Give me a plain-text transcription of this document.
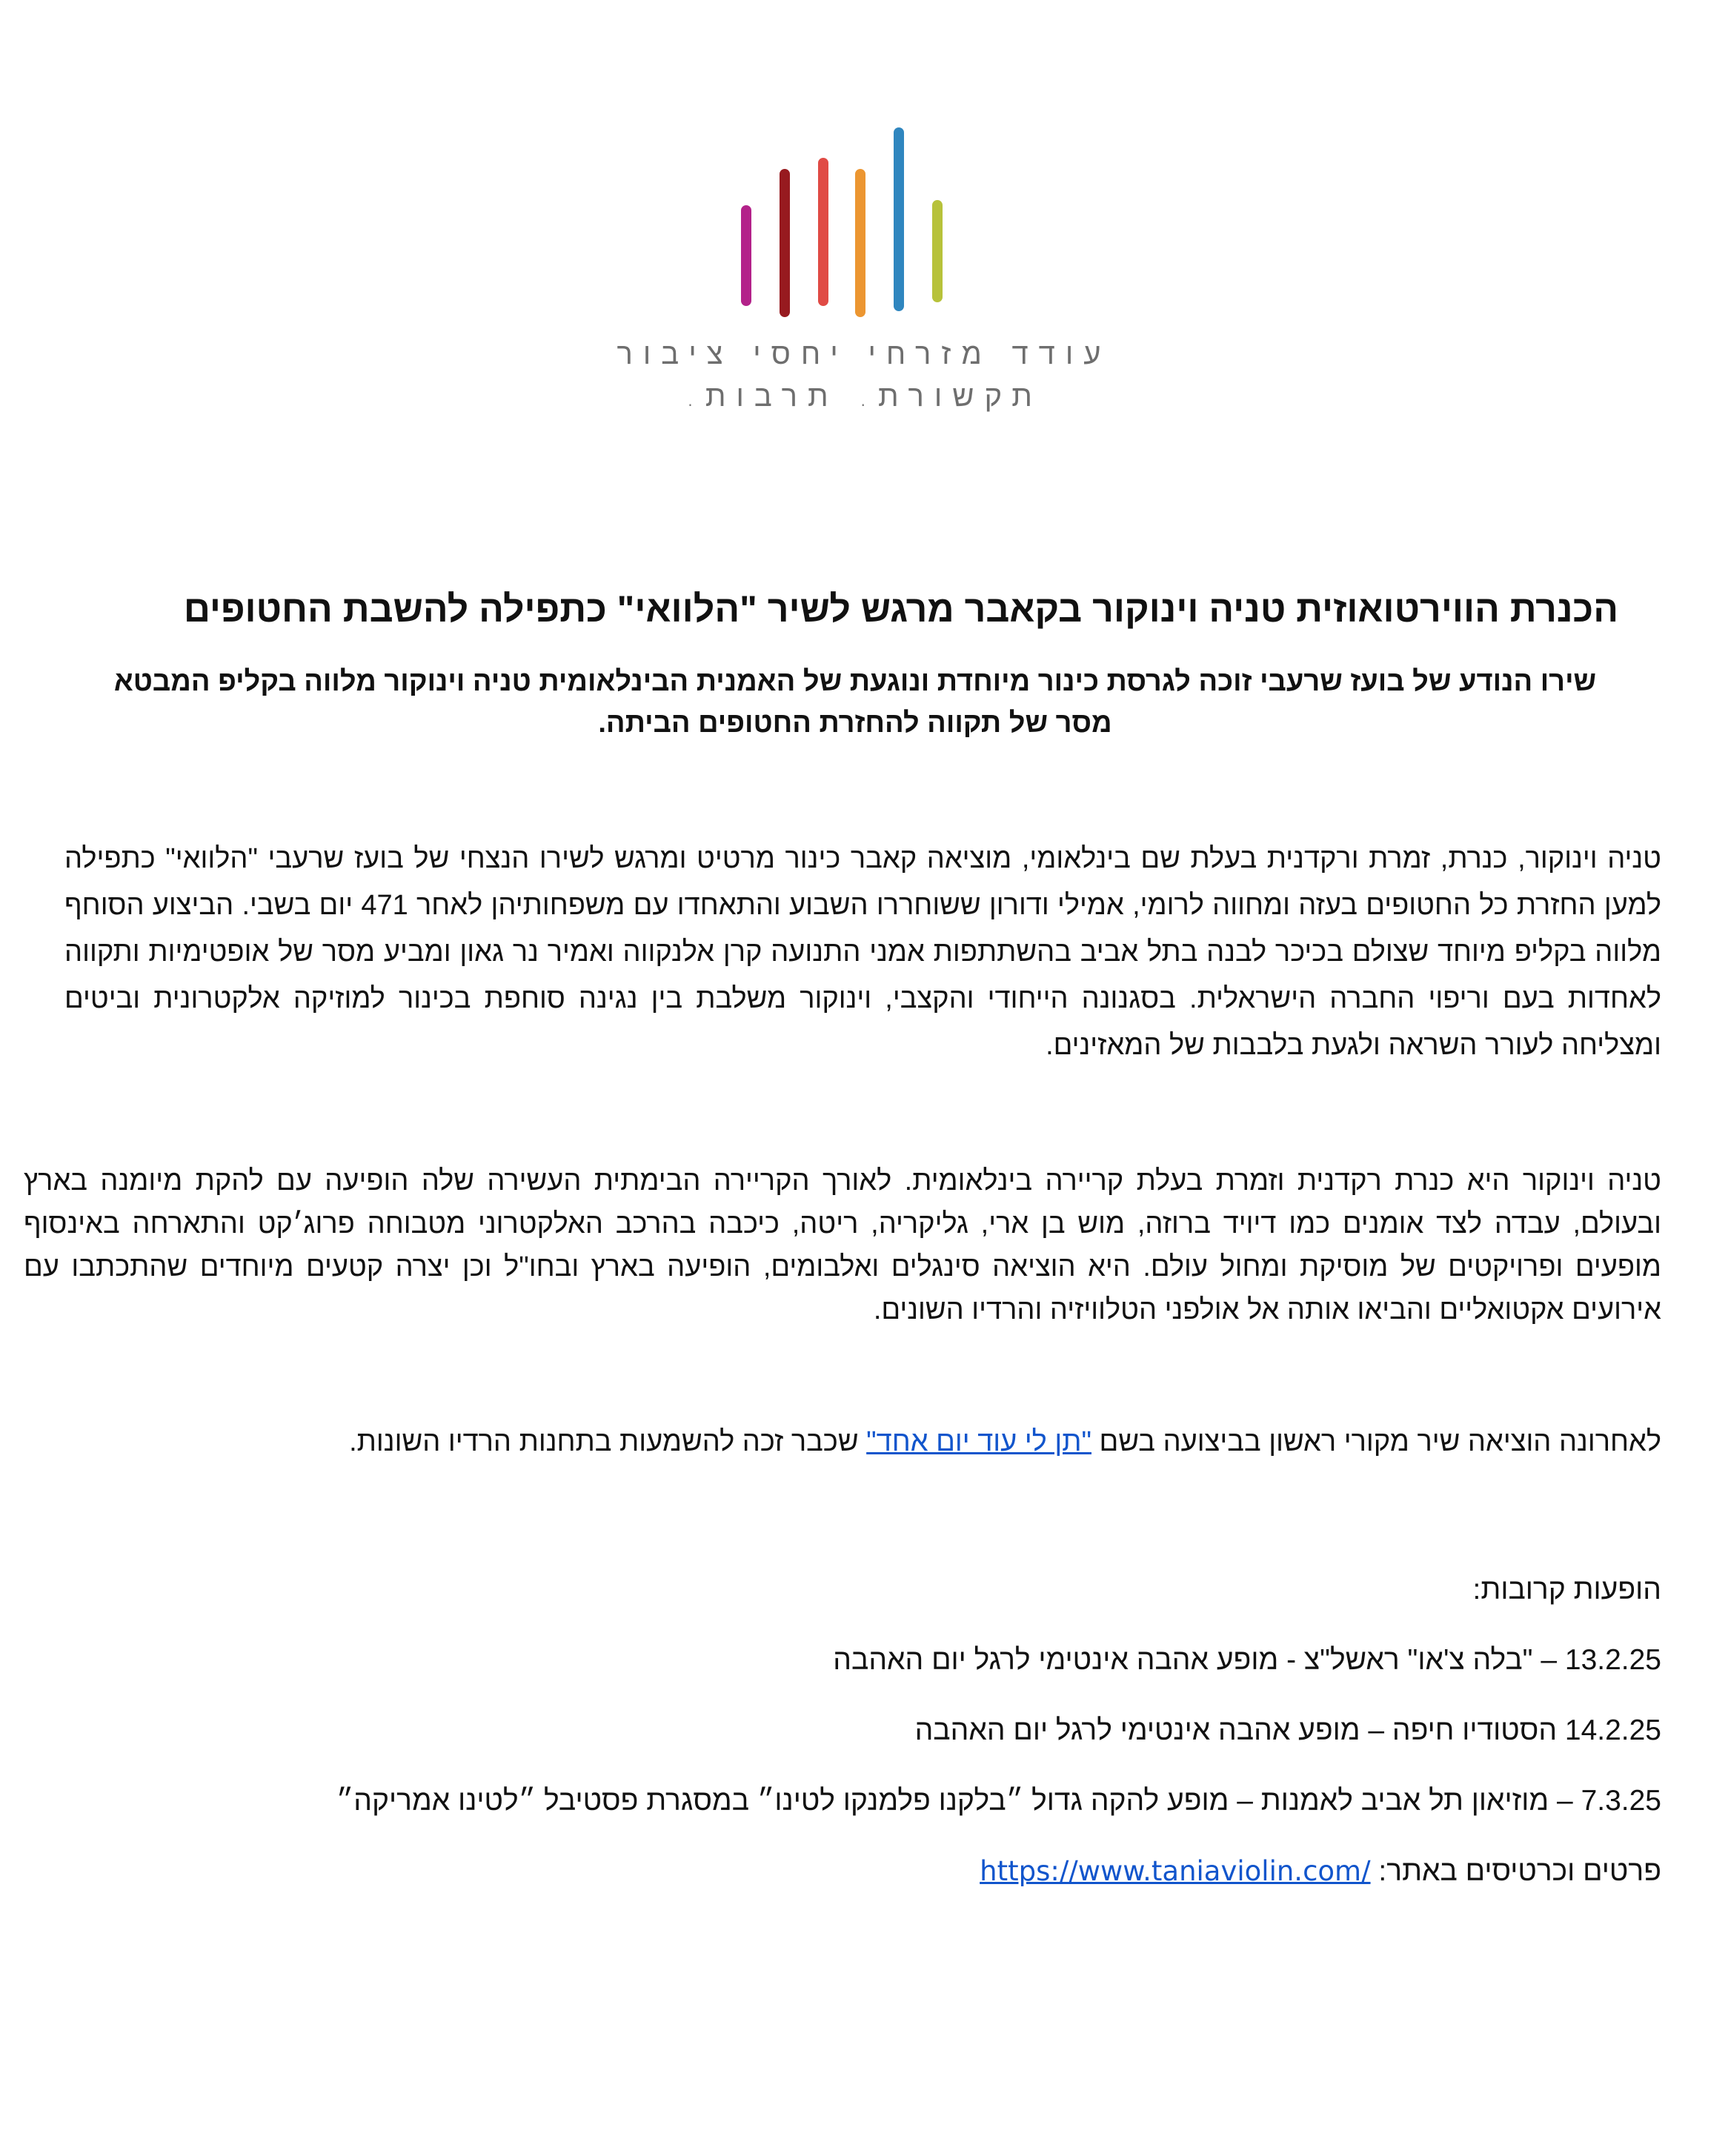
עודד מזרחי יחסי ציבור
תקשורת. תרבות.
הכנרת הווירטואוזית טניה וינוקור בקאבר מרגש לשיר "הלוואי" כתפילה להשבת החטופים
שירו הנודע של בועז שרעבי זוכה לגרסת כינור מיוחדת ונוגעת של האמנית הבינלאומית טניה וינוקור מלווה בקליפ המבטא מסר של תקווה להחזרת החטופים הביתה.
טניה וינוקור, כנרת, זמרת ורקדנית בעלת שם בינלאומי, מוציאה קאבר כינור מרטיט ומרגש לשירו הנצחי של בועז שרעבי "הלוואי" כתפילה למען החזרת כל החטופים בעזה ומחווה לרומי, אמילי ודורון ששוחררו השבוע והתאחדו עם משפחותיהן לאחר 471 יום בשבי. הביצוע הסוחף מלווה בקליפ מיוחד שצולם בכיכר לבנה בתל אביב בהשתתפות אמני התנועה קרן אלנקווה ואמיר נר גאון ומביע מסר של אופטימיות ותקווה לאחדות בעם וריפוי החברה הישראלית. בסגנונה הייחודי והקצבי, וינוקור משלבת בין נגינה סוחפת בכינור למוזיקה אלקטרונית וביטים ומצליחה לעורר השראה ולגעת בלבבות של המאזינים.
טניה וינוקור היא כנרת רקדנית וזמרת בעלת קריירה בינלאומית. לאורך הקריירה הבימתית העשירה שלה הופיעה עם להקת מיומנה בארץ ובעולם, עבדה לצד אומנים כמו דיויד ברוזה, מוש בן ארי, גליקריה, ריטה, כיכבה בהרכב האלקטרוני מטבוחה פרוג׳קט והתארחה באינסוף מופעים ופרויקטים של מוסיקת ומחול עולם. היא הוציאה סינגלים ואלבומים, הופיעה בארץ ובחו"ל וכן יצרה קטעים מיוחדים שהתכתבו עם אירועים אקטואליים והביאו אותה אל אולפני הטלוויזיה והרדיו השונים.
לאחרונה הוציאה שיר מקורי ראשון בביצועה בשם "תן לי עוד יום אחד" שכבר זכה להשמעות בתחנות הרדיו השונות.
הופעות קרובות:
13.2.25 – "בלה צ'או" ראשל"צ - מופע אהבה אינטימי לרגל יום האהבה
14.2.25 הסטודיו חיפה – מופע אהבה אינטימי לרגל יום האהבה
7.3.25 – מוזיאון תל אביב לאמנות – מופע להקה גדול ״בלקנו פלמנקו לטינו״ במסגרת פסטיבל ״לטינו אמריקה״
פרטים וכרטיסים באתר: https://www.taniaviolin.com/
